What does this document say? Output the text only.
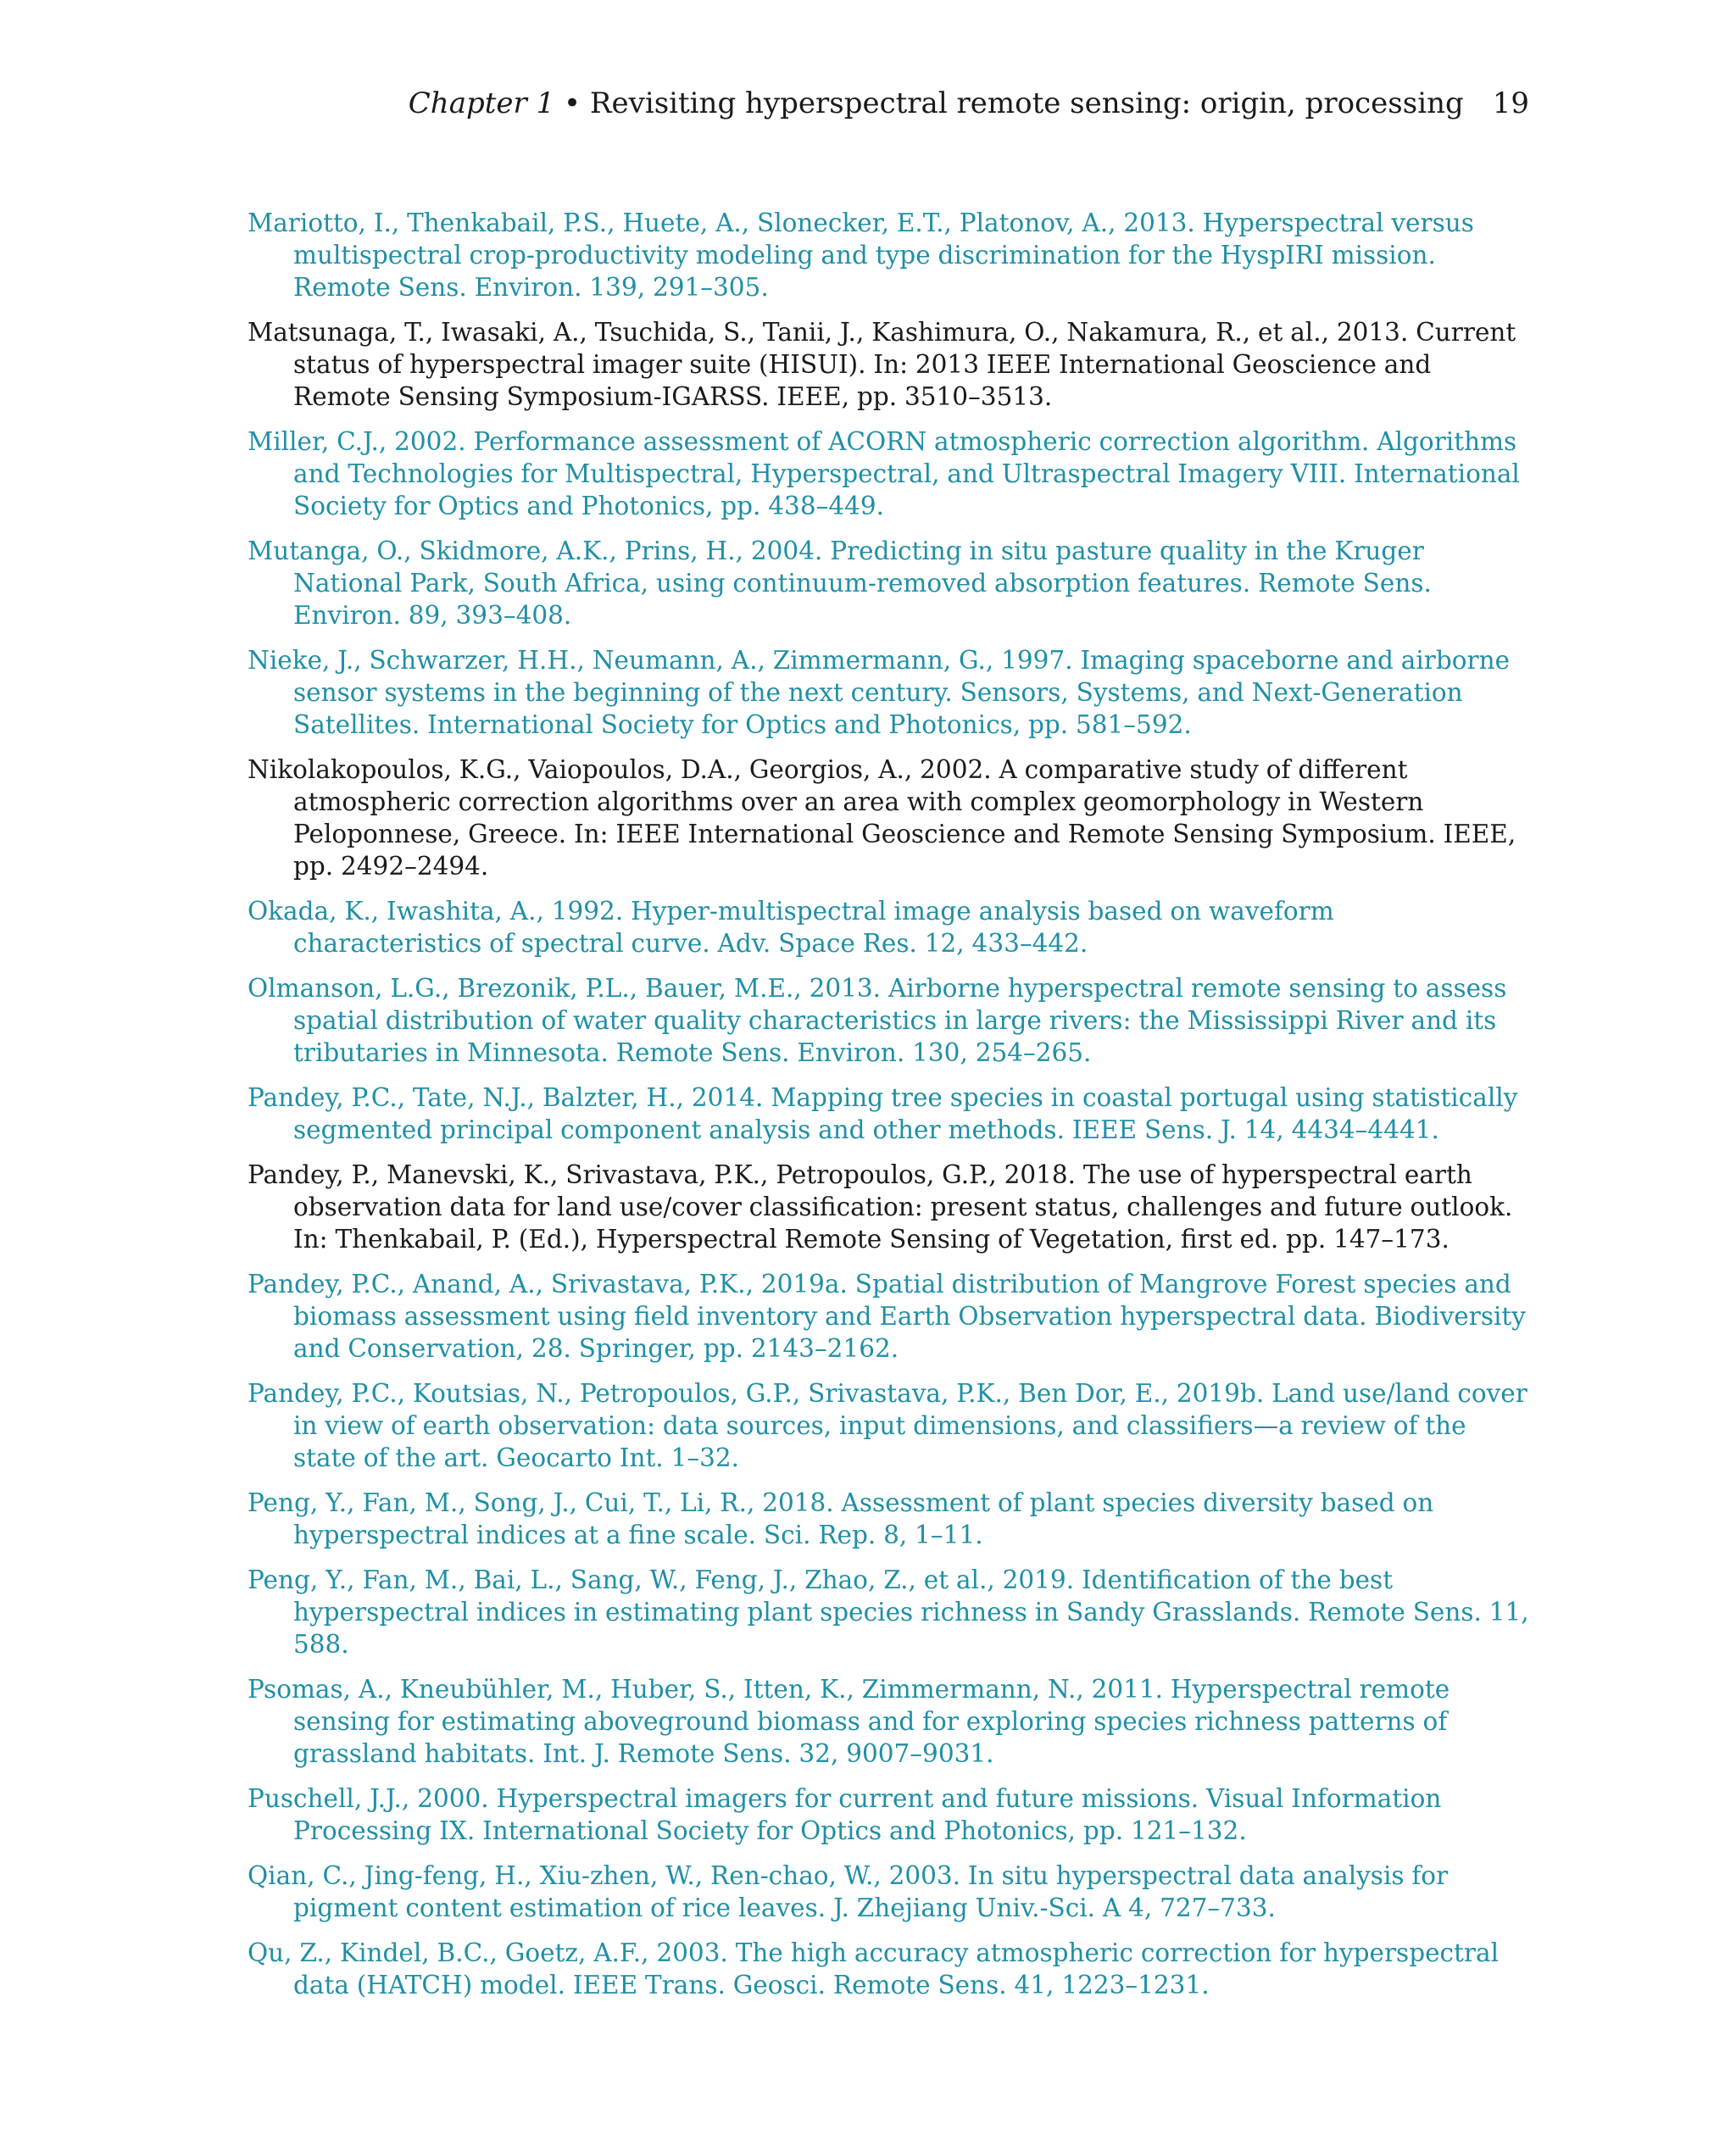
Chapter 1 • Revisiting hyperspectral remote sensing: origin, processing 19
Mariotto, I., Thenkabail, P.S., Huete, A., Slonecker, E.T., Platonov, A., 2013. Hyperspectral versus multispectral crop-productivity modeling and type discrimination for the HyspIRI mission. Remote Sens. Environ. 139, 291–305.
Matsunaga, T., Iwasaki, A., Tsuchida, S., Tanii, J., Kashimura, O., Nakamura, R., et al., 2013. Current status of hyperspectral imager suite (HISUI). In: 2013 IEEE International Geoscience and Remote Sensing Symposium-IGARSS. IEEE, pp. 3510–3513.
Miller, C.J., 2002. Performance assessment of ACORN atmospheric correction algorithm. Algorithms and Technologies for Multispectral, Hyperspectral, and Ultraspectral Imagery VIII. International Society for Optics and Photonics, pp. 438–449.
Mutanga, O., Skidmore, A.K., Prins, H., 2004. Predicting in situ pasture quality in the Kruger National Park, South Africa, using continuum-removed absorption features. Remote Sens. Environ. 89, 393–408.
Nieke, J., Schwarzer, H.H., Neumann, A., Zimmermann, G., 1997. Imaging spaceborne and airborne sensor systems in the beginning of the next century. Sensors, Systems, and Next-Generation Satellites. International Society for Optics and Photonics, pp. 581–592.
Nikolakopoulos, K.G., Vaiopoulos, D.A., Georgios, A., 2002. A comparative study of different atmospheric correction algorithms over an area with complex geomorphology in Western Peloponnese, Greece. In: IEEE International Geoscience and Remote Sensing Symposium. IEEE, pp. 2492–2494.
Okada, K., Iwashita, A., 1992. Hyper-multispectral image analysis based on waveform characteristics of spectral curve. Adv. Space Res. 12, 433–442.
Olmanson, L.G., Brezonik, P.L., Bauer, M.E., 2013. Airborne hyperspectral remote sensing to assess spatial distribution of water quality characteristics in large rivers: the Mississippi River and its tributaries in Minnesota. Remote Sens. Environ. 130, 254–265.
Pandey, P.C., Tate, N.J., Balzter, H., 2014. Mapping tree species in coastal portugal using statistically segmented principal component analysis and other methods. IEEE Sens. J. 14, 4434–4441.
Pandey, P., Manevski, K., Srivastava, P.K., Petropoulos, G.P., 2018. The use of hyperspectral earth observation data for land use/cover classification: present status, challenges and future outlook. In: Thenkabail, P. (Ed.), Hyperspectral Remote Sensing of Vegetation, first ed. pp. 147–173.
Pandey, P.C., Anand, A., Srivastava, P.K., 2019a. Spatial distribution of Mangrove Forest species and biomass assessment using field inventory and Earth Observation hyperspectral data. Biodiversity and Conservation, 28. Springer, pp. 2143–2162.
Pandey, P.C., Koutsias, N., Petropoulos, G.P., Srivastava, P.K., Ben Dor, E., 2019b. Land use/land cover in view of earth observation: data sources, input dimensions, and classifiers—a review of the state of the art. Geocarto Int. 1–32.
Peng, Y., Fan, M., Song, J., Cui, T., Li, R., 2018. Assessment of plant species diversity based on hyperspectral indices at a fine scale. Sci. Rep. 8, 1–11.
Peng, Y., Fan, M., Bai, L., Sang, W., Feng, J., Zhao, Z., et al., 2019. Identification of the best hyperspectral indices in estimating plant species richness in Sandy Grasslands. Remote Sens. 11, 588.
Psomas, A., Kneubühler, M., Huber, S., Itten, K., Zimmermann, N., 2011. Hyperspectral remote sensing for estimating aboveground biomass and for exploring species richness patterns of grassland habitats. Int. J. Remote Sens. 32, 9007–9031.
Puschell, J.J., 2000. Hyperspectral imagers for current and future missions. Visual Information Processing IX. International Society for Optics and Photonics, pp. 121–132.
Qian, C., Jing-feng, H., Xiu-zhen, W., Ren-chao, W., 2003. In situ hyperspectral data analysis for pigment content estimation of rice leaves. J. Zhejiang Univ.-Sci. A 4, 727–733.
Qu, Z., Kindel, B.C., Goetz, A.F., 2003. The high accuracy atmospheric correction for hyperspectral data (HATCH) model. IEEE Trans. Geosci. Remote Sens. 41, 1223–1231.
